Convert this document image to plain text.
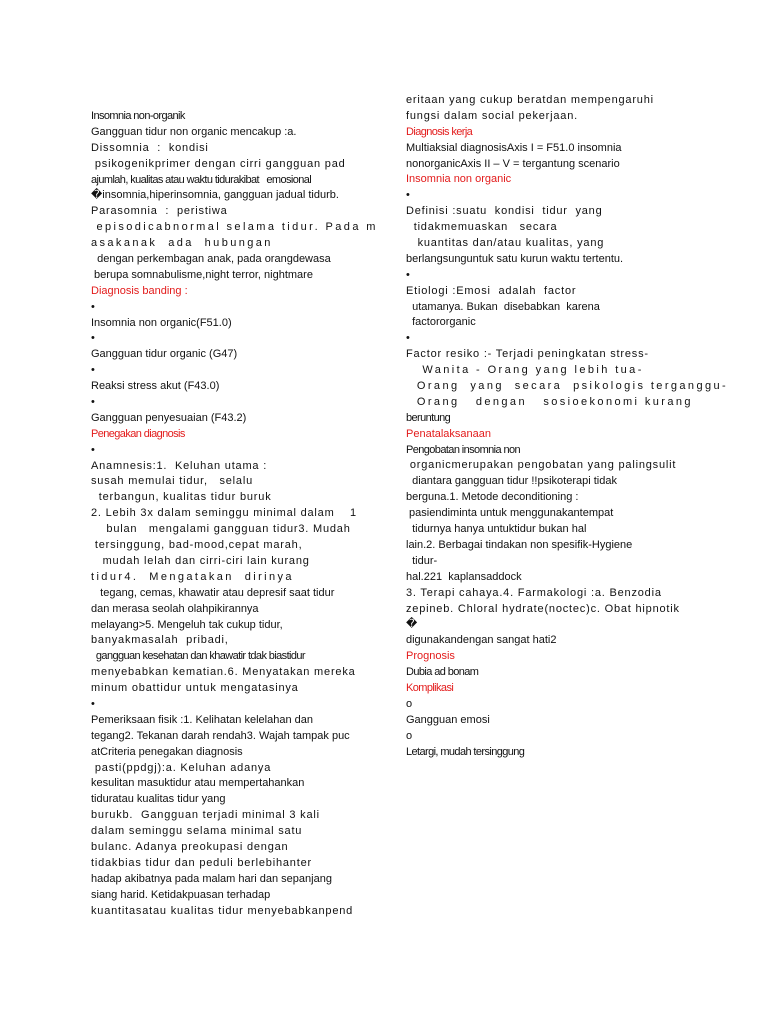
Insomnia non-organik
Gangguan tidur non organic mencakup :a.
Dissomnia  :  kondisi
psikogenikprimer dengan cirri gangguan pad
ajumlah, kualitas atau waktu tidurakibat   emosional
�insomnia,hiperinsomnia, gangguan jadual tidurb.
Parasomnia  :  peristiwa
episodicabnormal selama tidur. Pada m
asakanak  ada  hubungan
dengan perkembagan anak, pada orangdewasa
berupa somnabulisme,night terror, nightmare
Diagnosis banding :
•
Insomnia non organic(F51.0)
•
Gangguan tidur organic (G47)
•
Reaksi stress akut (F43.0)
•
Gangguan penyesuaian (F43.2)
Penegakan diagnosis
•
Anamnesis:1.  Keluhan utama :
susah memulai tidur,   selalu
terbangun, kualitas tidur buruk
2. Lebih 3x dalam seminggu minimal dalam    1
bulan   mengalami gangguan tidur3. Mudah
tersinggung, bad-mood,cepat marah,
mudah lelah dan cirri-ciri lain kurang
tidur4.  Mengatakan  dirinya
tegang, cemas, khawatir atau depresif saat tidur
dan merasa seolah olahpikirannya
melayang>5. Mengeluh tak cukup tidur,
banyakmasalah  pribadi,
gangguan kesehatan dan khawatir tdak biastidur
menyebabkan kematian.6. Menyatakan mereka
minum obattidur untuk mengatasinya
•
Pemeriksaan fisik :1. Kelihatan kelelahan dan
tegang2. Tekanan darah rendah3. Wajah tampak puc
atCriteria penegakan diagnosis
pasti(ppdgj):a. Keluhan adanya
kesulitan masuktidur atau mempertahankan
tiduratau kualitas tidur yang
burukb.  Gangguan terjadi minimal 3 kali
dalam seminggu selama minimal satu
bulanc. Adanya preokupasi dengan
tidakbias tidur dan peduli berlebihanter
hadap akibatnya pada malam hari dan sepanjang
siang harid. Ketidakpuasan terhadap
kuantitasatau kualitas tidur menyebabkanpend
eritaan yang cukup beratdan mempengaruhi
fungsi dalam social pekerjaan.
Diagnosis kerja
Multiaksial diagnosisAxis I = F51.0 insomnia
nonorganicAxis II – V = tergantung scenario
Insomnia non organic
•
Definisi :suatu  kondisi  tidur  yang
tidakmemuaskan   secara
kuantitas dan/atau kualitas, yang
berlangsunguntuk satu kurun waktu tertentu.
•
Etiologi :Emosi  adalah  factor
utamanya. Bukan  disebabkan  karena
factororganic
•
Factor resiko :- Terjadi peningkatan stress-
Wanita - Orang yang lebih tua-
Orang  yang  secara  psikologis terganggu-
Orang   dengan   sosioekonomi kurang
beruntung
Penatalaksanaan
Pengobatan insomnia non
organicmerupakan pengobatan yang palingsulit
diantara gangguan tidur !!psikoterapi tidak
berguna.1. Metode deconditioning :
pasiendiminta untuk menggunakantempat
tidurnya hanya untuktidur bukan hal
lain.2. Berbagai tindakan non spesifik-Hygiene
tidur-
hal.221  kaplansaddock
3. Terapi cahaya.4. Farmakologi :a. Benzodia
zepineb. Chloral hydrate(noctec)c. Obat hipnotik
�
digunakandengan sangat hati2
Prognosis
Dubia ad bonam
Komplikasi
o
Gangguan emosi
o
Letargi, mudah tersinggung
